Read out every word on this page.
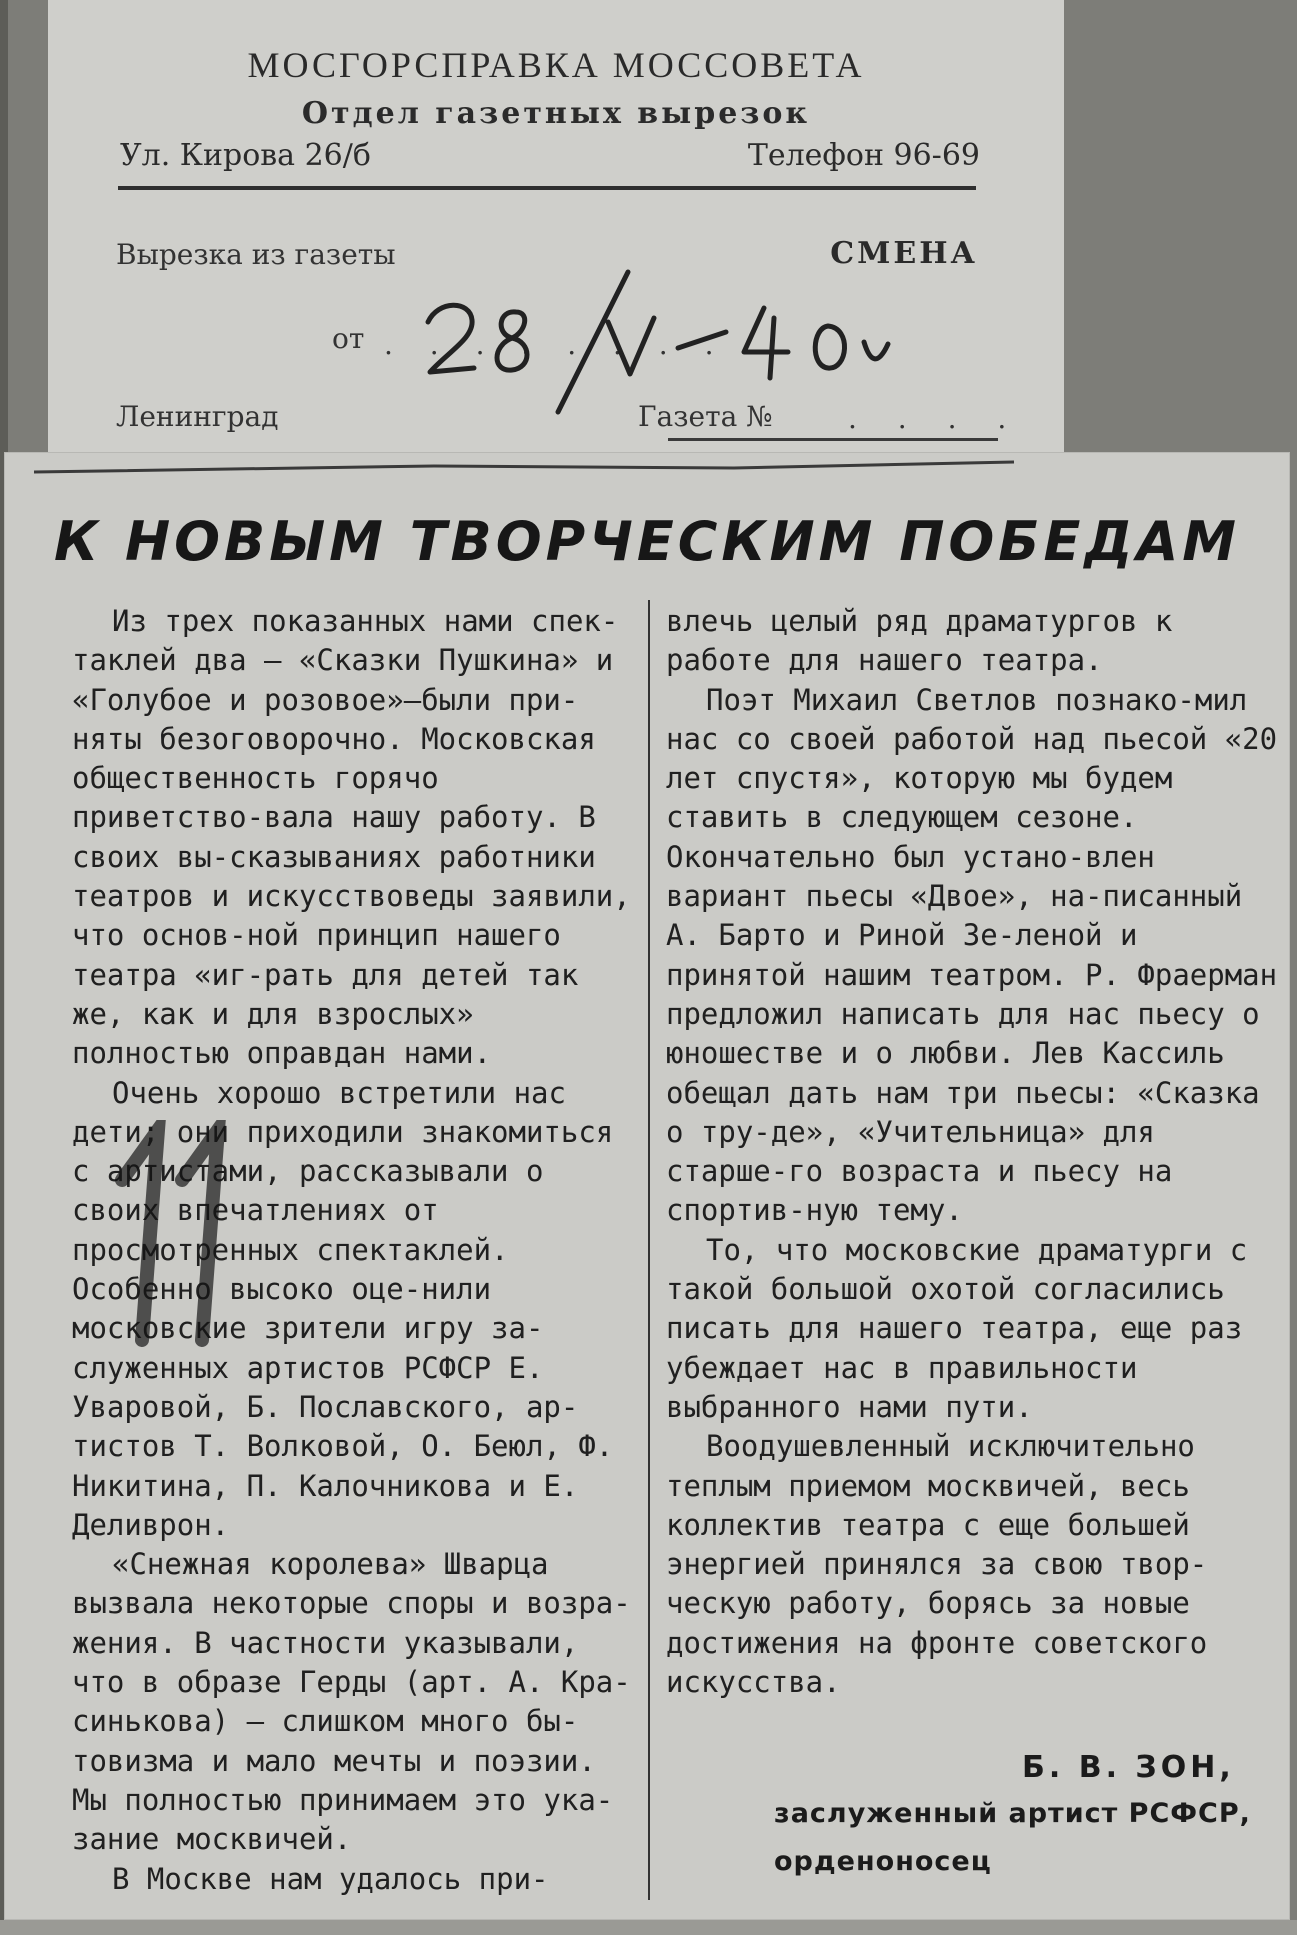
МОСГОРСПРАВКА МОССОВЕТА
Отдел газетных вырезок
Ул. Кирова 26/б	Телефон 96-69
Вырезка из газеты	СМЕНА
от . . . . . . . . .
Ленинград	Газета №	. . . .
К НОВЫМ ТВОРЧЕСКИМ ПОБЕДАМ

Из трех показанных нами спек-таклей два — «Сказки Пушкина» и «Голубое и розовое»—были при-няты безоговорочно. Московская общественность горячо приветство-вала нашу работу. В своих вы-сказываниях работники театров и искусствоведы заявили, что основ-ной принцип нашего театра «иг-рать для детей так же, как и для взрослых» полностью оправдан нами.

Очень хорошо встретили нас дети; они приходили знакомиться с артистами, рассказывали о своих впечатлениях от просмотренных спектаклей. Особенно высоко оце-нили московские зрители игру за-служенных артистов РСФСР Е. Уваровой, Б. Пославского, ар-тистов Т. Волковой, О. Беюл, Ф. Никитина, П. Калочникова и Е. Деливрон.

«Снежная королева» Шварца вызвала некоторые споры и возра-жения. В частности указывали, что в образе Герды (арт. А. Кра-синькова) — слишком много бы-товизма и мало мечты и поэзии. Мы полностью принимаем это ука-зание москвичей.

В Москве нам удалось при-

влечь целый ряд драматургов к работе для нашего театра.

Поэт Михаил Светлов познако-мил нас со своей работой над пьесой «20 лет спустя», которую мы будем ставить в следующем сезоне. Окончательно был устано-влен вариант пьесы «Двое», на-писанный А. Барто и Риной Зе-леной и принятой нашим театром. Р. Фраерман предложил написать для нас пьесу о юношестве и о любви. Лев Кассиль обещал дать нам три пьесы: «Сказка о тру-де», «Учительница» для старше-го возраста и пьесу на спортив-ную тему.

То, что московские драматурги с такой большой охотой согласились писать для нашего театра, еще раз убеждает нас в правильности выбранного нами пути.

Воодушевленный исключительно теплым приемом москвичей, весь коллектив театра с еще большей энергией принялся за свою твор-ческую работу, борясь за новые достижения на фронте советского искусства.

Б. В. ЗОН,
заслуженный артист РСФСР,
орденоносец
